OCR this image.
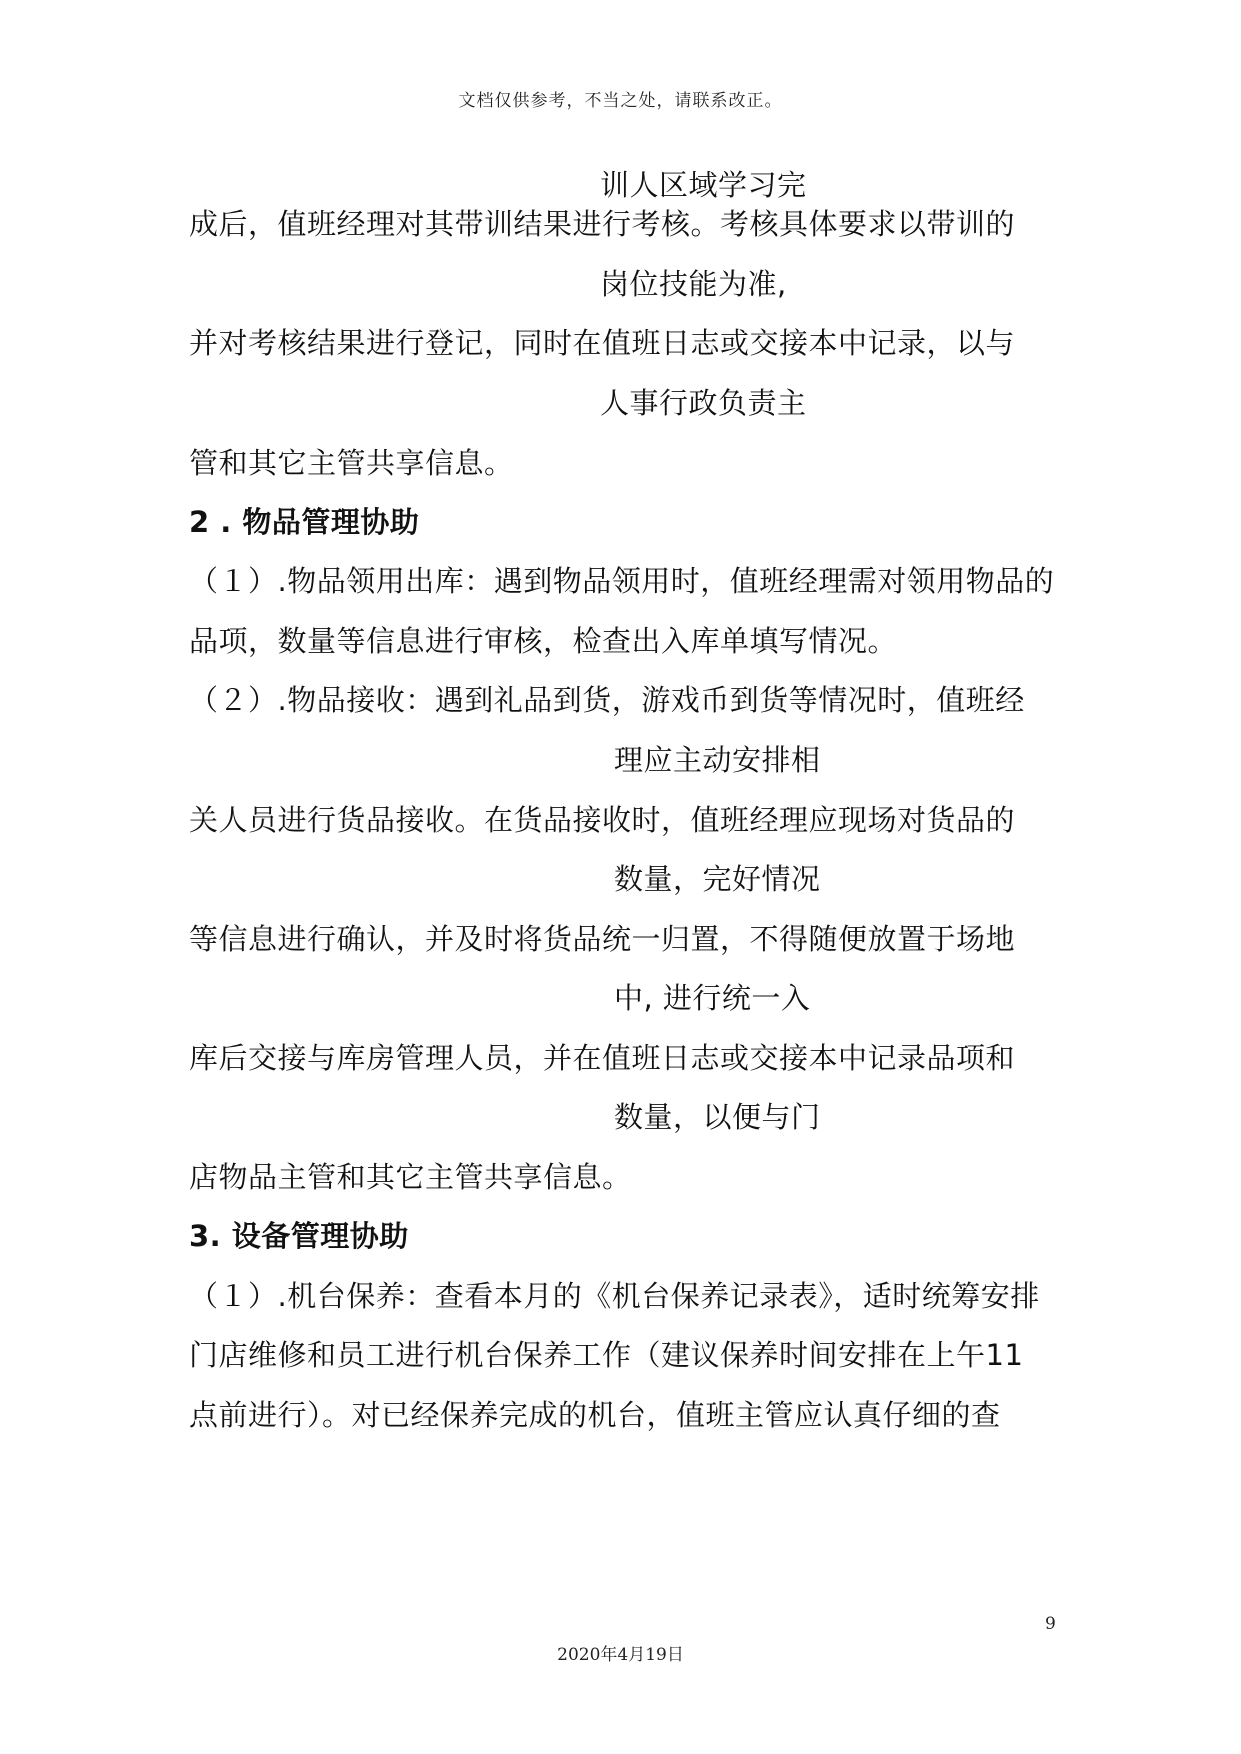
文档仅供参考，不当之处，请联系改正。
训人区域学习完
成后，值班经理对其带训结果进行考核。考核具体要求以带训的
岗位技能为准,
并对考核结果进行登记，同时在值班日志或交接本中记录，以与
人事行政负责主
管和其它主管共享信息。
2 . 物品管理协助
（１）.物品领用出库：遇到物品领用时，值班经理需对领用物品的
品项，数量等信息进行审核，检查出入库单填写情况。
（２）.物品接收：遇到礼品到货，游戏币到货等情况时，值班经
理应主动安排相
关人员进行货品接收。在货品接收时，值班经理应现场对货品的
数量，完好情况
等信息进行确认，并及时将货品统一归置，不得随便放置于场地
中, 进行统一入
库后交接与库房管理人员，并在值班日志或交接本中记录品项和
数量，以便与门
店物品主管和其它主管共享信息。
3. 设备管理协助
（１）.机台保养：查看本月的《机台保养记录表》，适时统筹安排
门店维修和员工进行机台保养工作（建议保养时间安排在上午11
点前进行）。对已经保养完成的机台，值班主管应认真仔细的查
9
2020年4月19日
